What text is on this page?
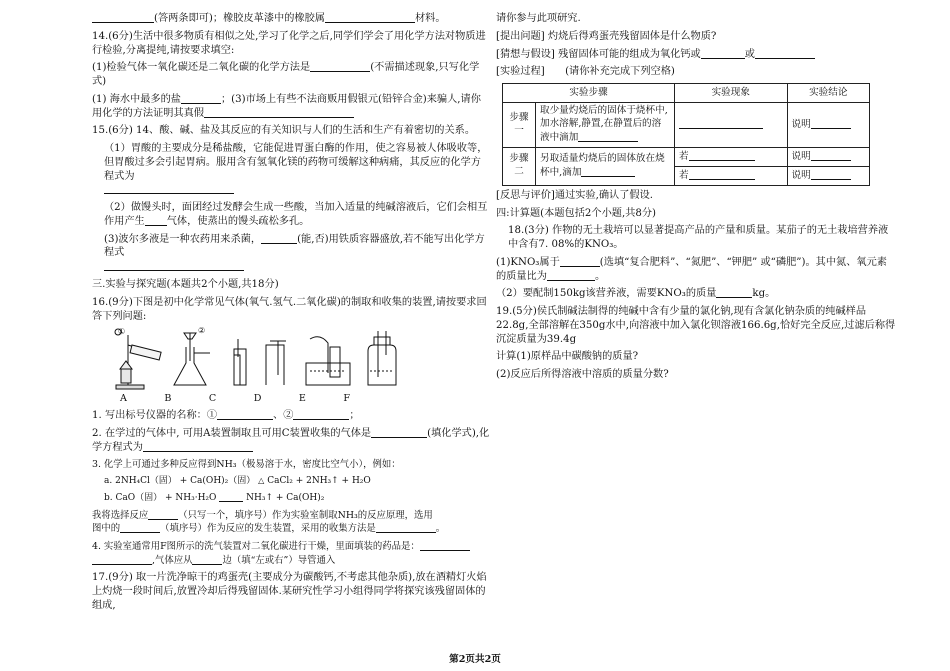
(答两条即可)；橡胶皮革漆中的橡胶属	材料。

14.(6分)生活中很多物质有相似之处,学习了化学之后,同学们学会了用化学方法对物质进行检验,分离提纯,请按要求填空:

(1)检验气体一氧化碳还是二氧化碳的化学方法是	(不需描述现象,只写化学式)

(1) 海水中最多的盐	；(3)市场上有些不法商贩用假银元(铅锌合金)来骗人,请你用化学的方法证明其真假

15.(6分) 14、酸、碱、盐及其反应的有关知识与人们的生活和生产有着密切的关系。

（1）胃酸的主要成分是稀盐酸，它能促进胃蛋白酶的作用，使之容易被人体吸收等，但胃酸过多会引起胃病。服用含有氢氧化镁的药物可缓解这种病痛，其反应的化学方程式为

（2）做馒头时，面团经过发酵会生成一些酸，当加入适量的纯碱溶液后，它们会相互作用产生 气体，使蒸出的馒头疏松多孔。

(3)波尔多液是一种农药用来杀菌，	(能,否)用铁质容器盛放,若不能写出化学方程式

三.实验与探究题(本题共2个小题,共18分)

16.(9分)下图是初中化学常见气体(氧气.氢气.二氧化碳)的制取和收集的装置,请按要求回答下列问题:

①	②
A	B	C	D	E	F

1. 写出标号仪器的名称：①	、②	；

2. 在学过的气体中, 可用A装置制取且可用C装置收集的气体是	(填化学式),化学方程式为

3. 化学上可通过多种反应得到NH₃（极易溶于水，密度比空气小），例如：

a. 2NH₄Cl（固） + Ca(OH)₂（固） △ CaCl₂ + 2NH₃↑ + H₂O

b. CaO（固） + NH₃·H₂O	NH₃↑ + Ca(OH)₂

我将选择反应	（只写一个，填序号）作为实验室制取NH₃的反应原理，选用
图中的	（填序号）作为反应的发生装置，采用的收集方法是	。

4. 实验室通常用F图所示的洗气装置对二氧化碳进行干燥，里面填装的药品是：
,气体应从	边（填“左或右”）导管通入

17.(9分) 取一片洗净晾干的鸡蛋壳(主要成分为碳酸钙,不考虑其他杂质),放在酒精灯火焰上灼烧一段时间后,放置冷却后得残留固体.某研究性学习小组得同学将探究该残留固体的组成,

请你参与此项研究.

[提出问题] 灼烧后得鸡蛋壳残留固体是什么物质?

[猜想与假设] 残留固体可能的组成为氧化钙或	或

[实验过程]　　(请你补充完成下列空格)

实验步骤		实验现象	实验结论
步骤一	取少量灼烧后的固体于烧杯中,加水溶解,静置,在静置后的溶液中滴加		说明
步骤二	另取适量灼烧后的固体放在烧杯中,滴加	若	说明
		若	说明

[反思与评价]通过实验,确认了假设.

四:计算题(本题包括2个小题,共8分)

18.(3分) 作物的无土栽培可以显著提高产品的产量和质量。某茄子的无土栽培营养液中含有7. 08%的KNO₃。

(1)KNO₃属于	(选填“复合肥料”、“氮肥”、“钾肥” 或“磷肥”)。其中氮、氧元素的质量比为	。

（2）要配制150kg该营养液，需要KNO₃的质量	kg。

19.(5分)侯氏制碱法制得的纯碱中含有少量的氯化钠,现有含氯化钠杂质的纯碱样品22.8g,全部溶解在350g水中,向溶液中加入氯化钡溶液166.6g,恰好完全反应,过滤后称得沉淀质量为39.4g

计算(1)原样品中碳酸钠的质量?

(2)反应后所得溶液中溶质的质量分数?

第2页共2页
